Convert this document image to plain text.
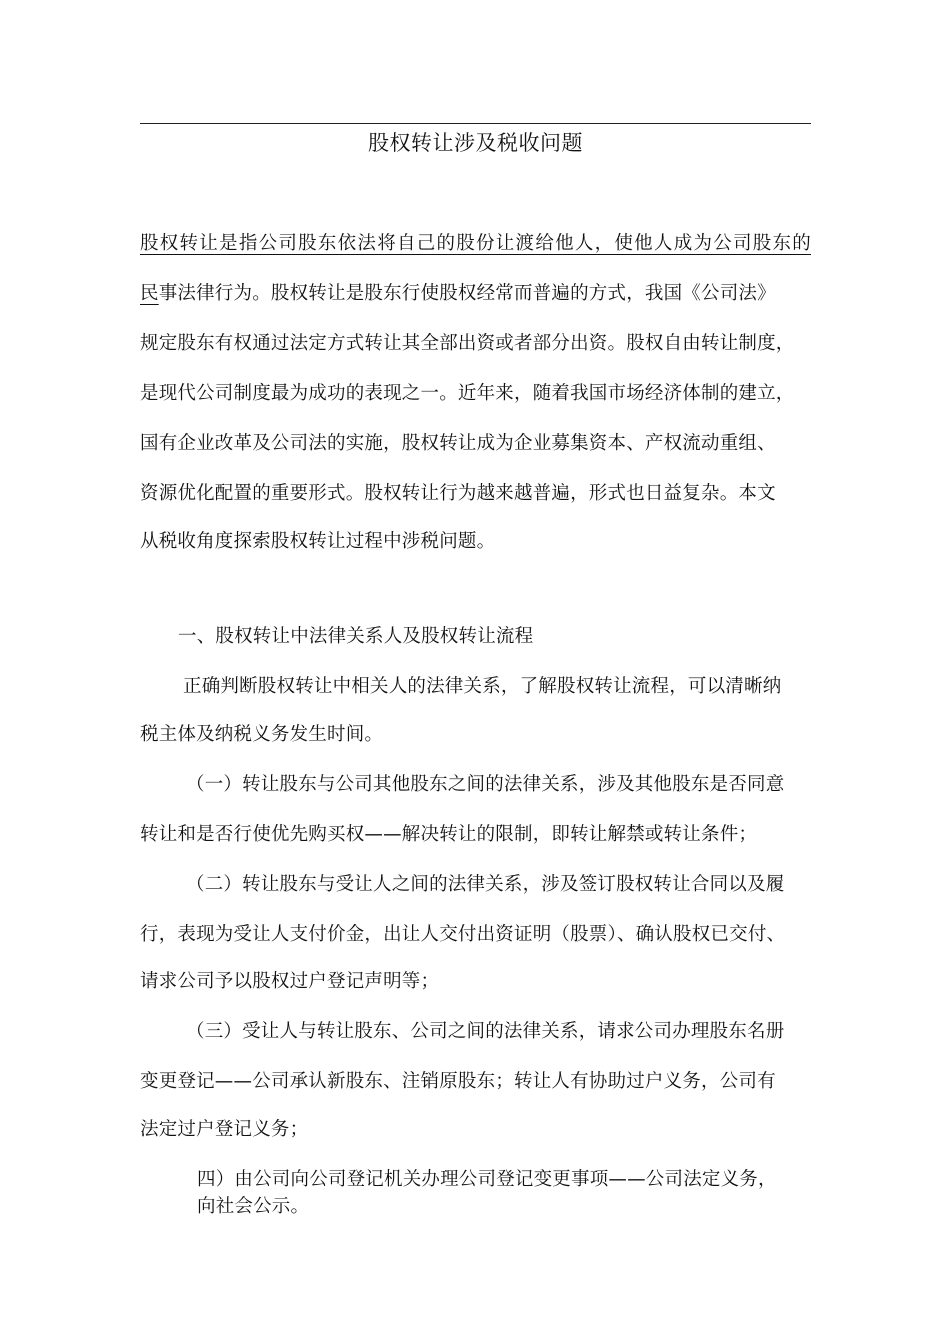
股权转让涉及税收问题
股权转让是指公司股东依法将自己的股份让渡给他人，使他人成为公司股东的
民事法律行为。股权转让是股东行使股权经常而普遍的方式，我国《公司法》
规定股东有权通过法定方式转让其全部出资或者部分出资。股权自由转让制度，
是现代公司制度最为成功的表现之一。近年来，随着我国市场经济体制的建立，
国有企业改革及公司法的实施，股权转让成为企业募集资本、产权流动重组、
资源优化配置的重要形式。股权转让行为越来越普遍，形式也日益复杂。本文
从税收角度探索股权转让过程中涉税问题。
一、股权转让中法律关系人及股权转让流程
正确判断股权转让中相关人的法律关系，了解股权转让流程，可以清晰纳
税主体及纳税义务发生时间。
（一）转让股东与公司其他股东之间的法律关系，涉及其他股东是否同意
转让和是否行使优先购买权——解决转让的限制，即转让解禁或转让条件；
（二）转让股东与受让人之间的法律关系，涉及签订股权转让合同以及履
行，表现为受让人支付价金，出让人交付出资证明（股票）、确认股权已交付、
请求公司予以股权过户登记声明等；
（三）受让人与转让股东、公司之间的法律关系，请求公司办理股东名册
变更登记——公司承认新股东、注销原股东；转让人有协助过户义务，公司有
法定过户登记义务；
四）由公司向公司登记机关办理公司登记变更事项——公司法定义务，
向社会公示。
